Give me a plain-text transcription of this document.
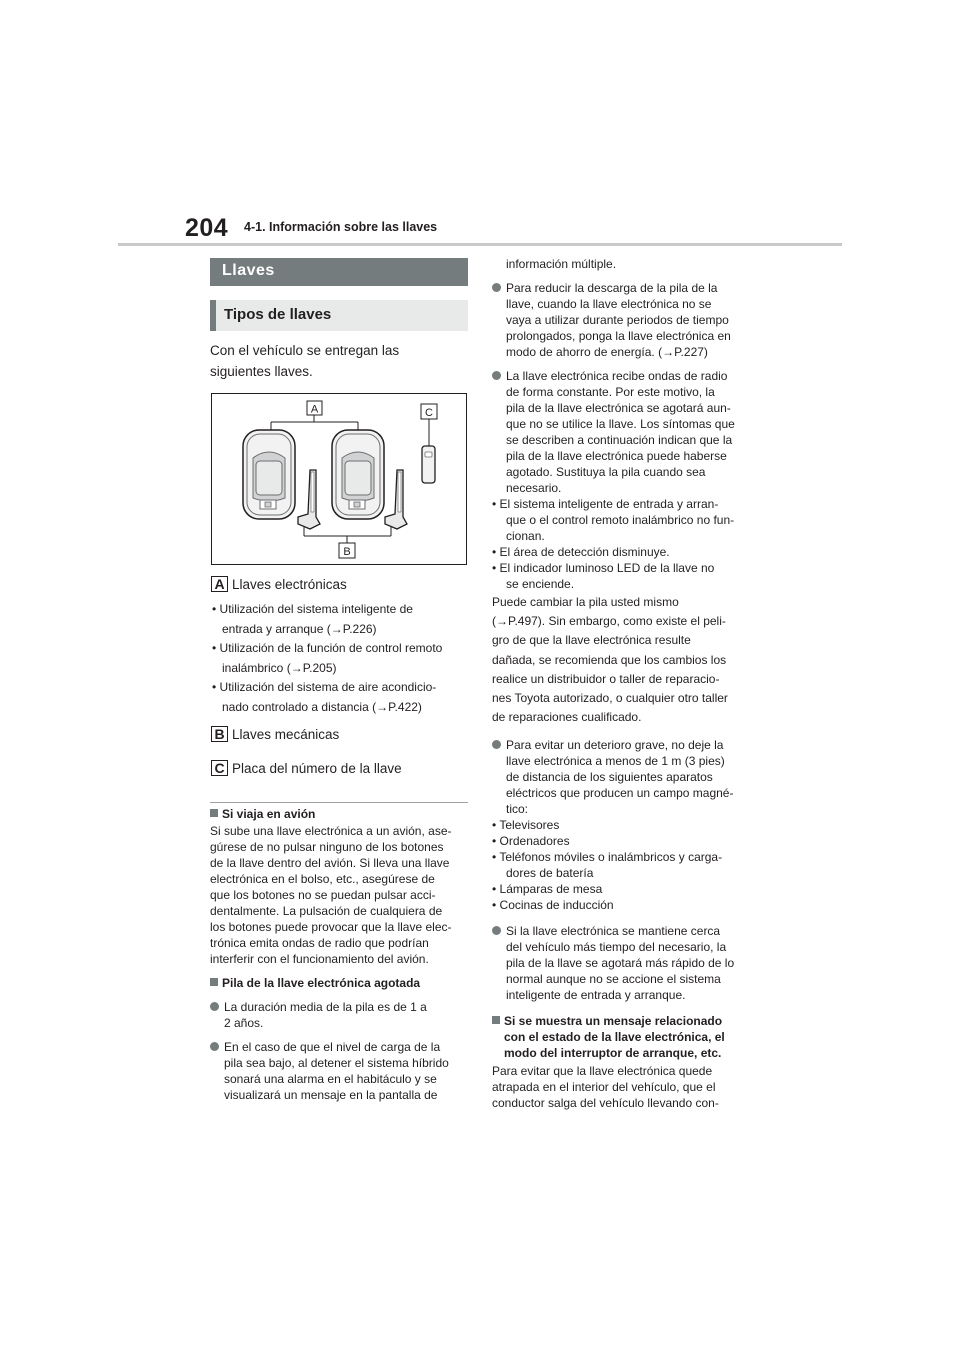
204 4-1. Información sobre las llaves
Llaves
Tipos de llaves
Con el vehículo se entregan las
siguientes llaves.
A	C
B
A Llaves electrónicas
• Utilización del sistema inteligente de
entrada y arranque (→P.226)
• Utilización de la función de control remoto
inalámbrico (→P.205)
• Utilización del sistema de aire acondicio-
nado controlado a distancia (→P.422)
B Llaves mecánicas
C Placa del número de la llave
Si viaja en avión
Si sube una llave electrónica a un avión, ase-
gúrese de no pulsar ninguno de los botones
de la llave dentro del avión. Si lleva una llave
electrónica en el bolso, etc., asegúrese de
que los botones no se puedan pulsar acci-
dentalmente. La pulsación de cualquiera de
los botones puede provocar que la llave elec-
trónica emita ondas de radio que podrían
interferir con el funcionamiento del avión.
Pila de la llave electrónica agotada
La duración media de la pila es de 1 a
2 años.
En el caso de que el nivel de carga de la
pila sea bajo, al detener el sistema híbrido
sonará una alarma en el habitáculo y se
visualizará un mensaje en la pantalla de
información múltiple.
Para reducir la descarga de la pila de la
llave, cuando la llave electrónica no se
vaya a utilizar durante periodos de tiempo
prolongados, ponga la llave electrónica en
modo de ahorro de energía. (→P.227)
La llave electrónica recibe ondas de radio
de forma constante. Por este motivo, la
pila de la llave electrónica se agotará aun-
que no se utilice la llave. Los síntomas que
se describen a continuación indican que la
pila de la llave electrónica puede haberse
agotado. Sustituya la pila cuando sea
necesario.
• El sistema inteligente de entrada y arran-
que o el control remoto inalámbrico no fun-
cionan.
• El área de detección disminuye.
• El indicador luminoso LED de la llave no
se enciende.
Puede cambiar la pila usted mismo
(→P.497). Sin embargo, como existe el peli-
gro de que la llave electrónica resulte
dañada, se recomienda que los cambios los
realice un distribuidor o taller de reparacio-
nes Toyota autorizado, o cualquier otro taller
de reparaciones cualificado.
Para evitar un deterioro grave, no deje la
llave electrónica a menos de 1 m (3 pies)
de distancia de los siguientes aparatos
eléctricos que producen un campo magné-
tico:
• Televisores
• Ordenadores
• Teléfonos móviles o inalámbricos y carga-
dores de batería
• Lámparas de mesa
• Cocinas de inducción
Si la llave electrónica se mantiene cerca
del vehículo más tiempo del necesario, la
pila de la llave se agotará más rápido de lo
normal aunque no se accione el sistema
inteligente de entrada y arranque.
Si se muestra un mensaje relacionado
con el estado de la llave electrónica, el
modo del interruptor de arranque, etc.
Para evitar que la llave electrónica quede
atrapada en el interior del vehículo, que el
conductor salga del vehículo llevando con-
